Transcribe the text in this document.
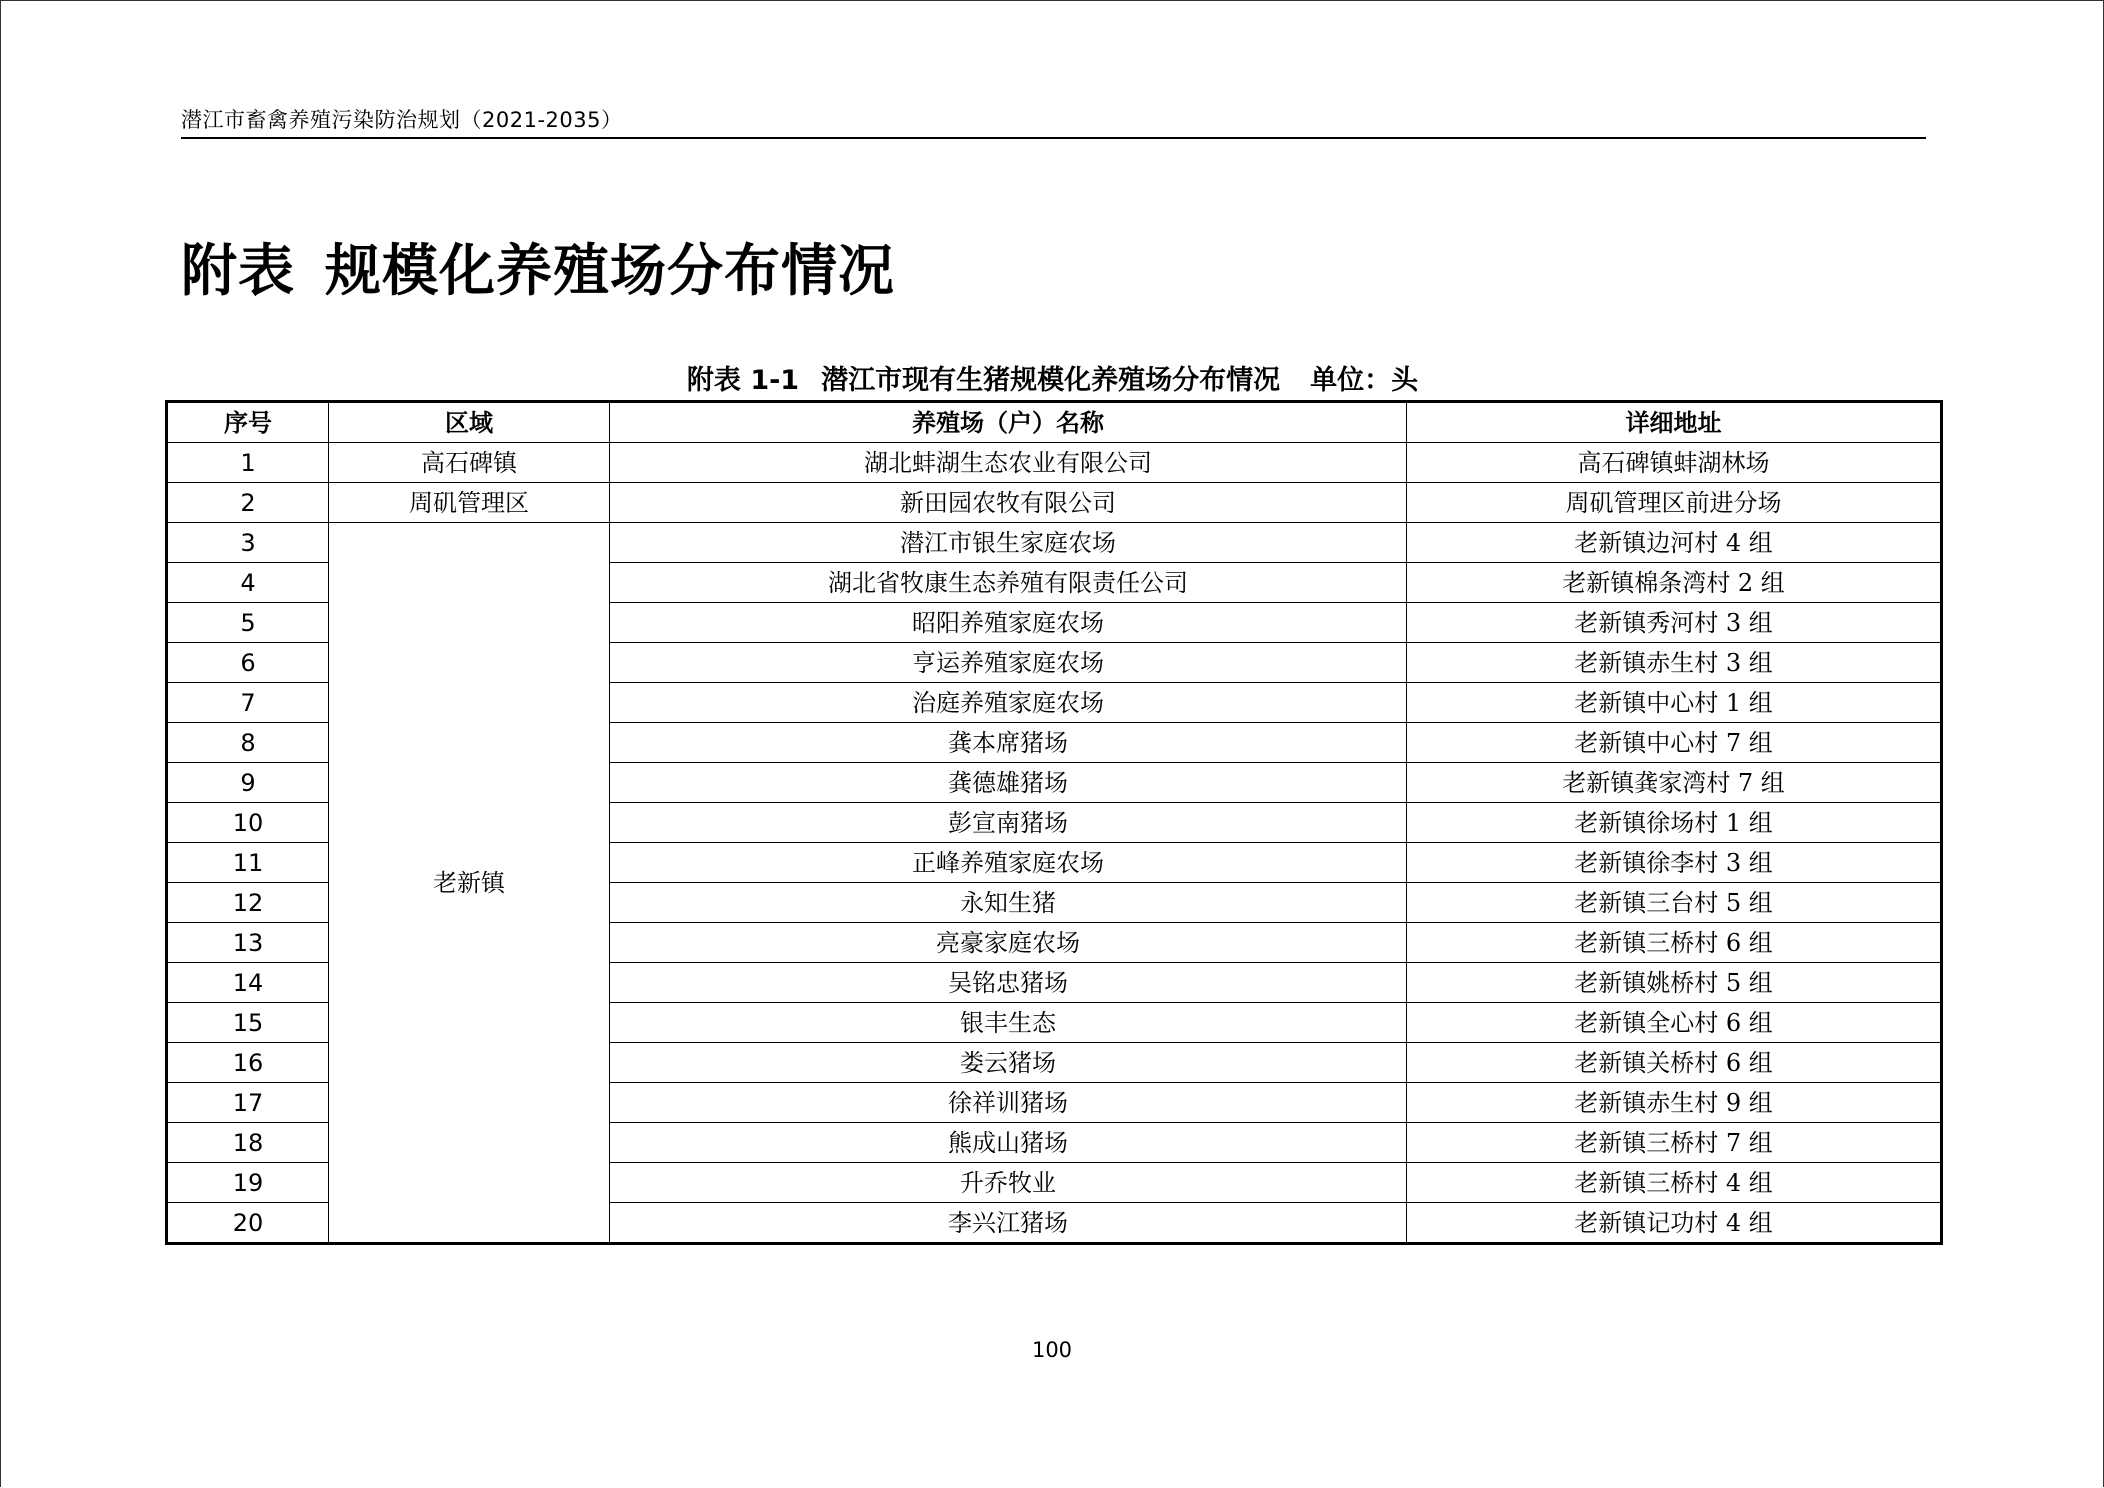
潜江市畜禽养殖污染防治规划（2021-2035）
附表 规模化养殖场分布情况
附表 1-1 潜江市现有生猪规模化养殖场分布情况 单位：头
序号	区域	养殖场（户）名称	详细地址
1	高石碑镇	湖北蚌湖生态农业有限公司	高石碑镇蚌湖林场
2	周矶管理区	新田园农牧有限公司	周矶管理区前进分场
3	老新镇	潜江市银生家庭农场	老新镇边河村 4 组
4		湖北省牧康生态养殖有限责任公司	老新镇棉条湾村 2 组
5		昭阳养殖家庭农场	老新镇秀河村 3 组
6		亨运养殖家庭农场	老新镇赤生村 3 组
7		治庭养殖家庭农场	老新镇中心村 1 组
8		龚本席猪场	老新镇中心村 7 组
9		龚德雄猪场	老新镇龚家湾村 7 组
10		彭宣南猪场	老新镇徐场村 1 组
11		正峰养殖家庭农场	老新镇徐李村 3 组
12		永知生猪	老新镇三台村 5 组
13		亮豪家庭农场	老新镇三桥村 6 组
14		吴铭忠猪场	老新镇姚桥村 5 组
15		银丰生态	老新镇全心村 6 组
16		娄云猪场	老新镇关桥村 6 组
17		徐祥训猪场	老新镇赤生村 9 组
18		熊成山猪场	老新镇三桥村 7 组
19		升乔牧业	老新镇三桥村 4 组
20		李兴江猪场	老新镇记功村 4 组
100
